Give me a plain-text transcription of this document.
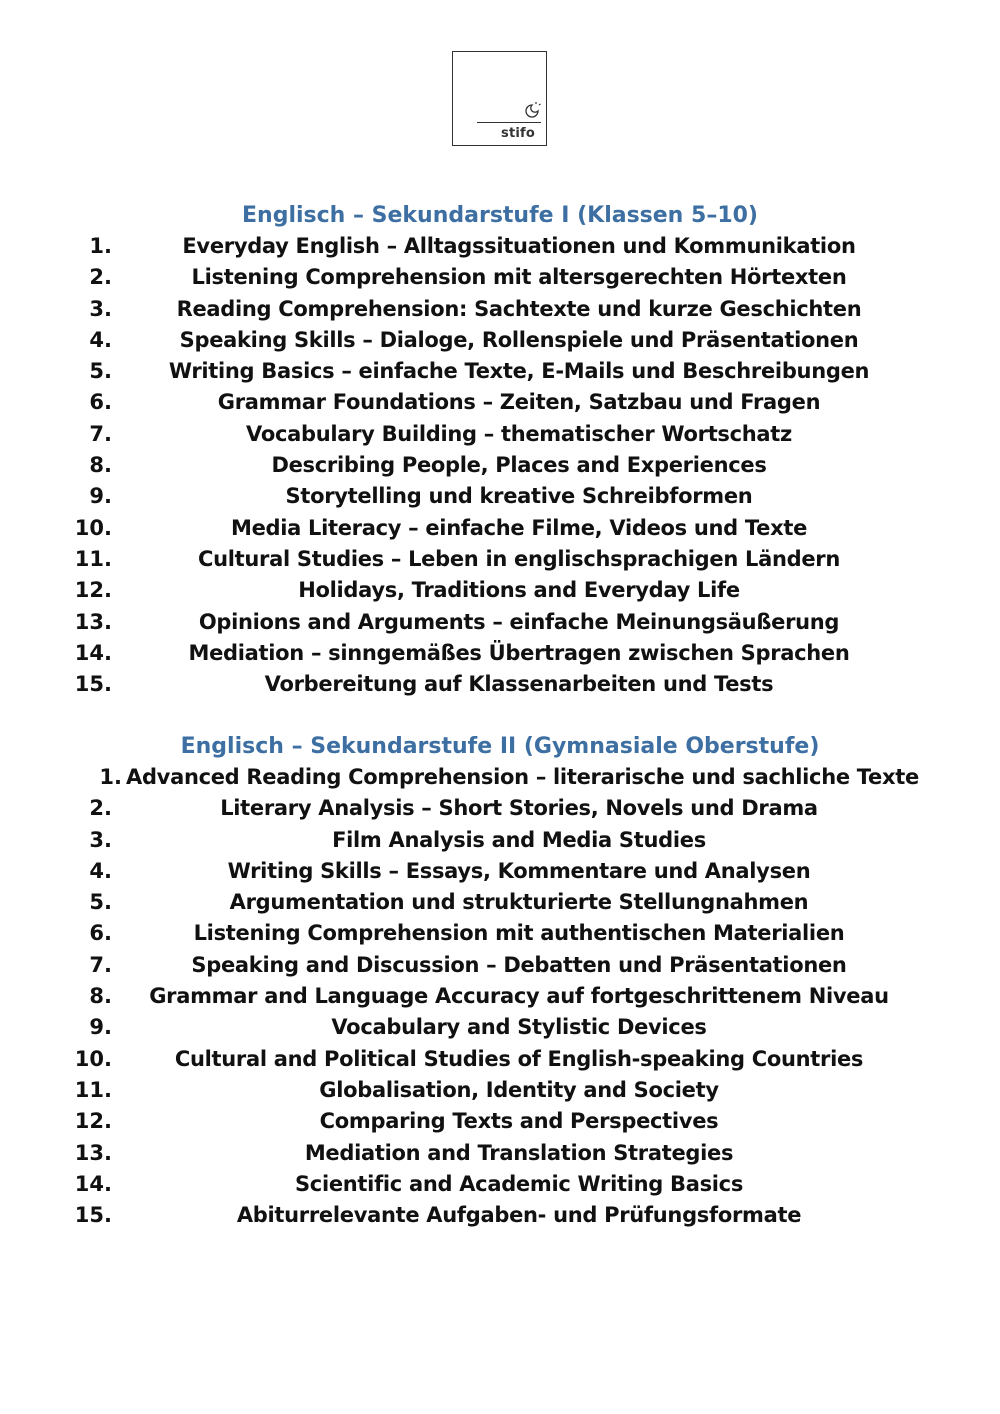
stifo
Englisch – Sekundarstufe I (Klassen 5–10)
1.	Everyday English – Alltagssituationen und Kommunikation
2.	Listening Comprehension mit altersgerechten Hörtexten
3.	Reading Comprehension: Sachtexte und kurze Geschichten
4.	Speaking Skills – Dialoge, Rollenspiele und Präsentationen
5.	Writing Basics – einfache Texte, E-Mails und Beschreibungen
6.	Grammar Foundations – Zeiten, Satzbau und Fragen
7.	Vocabulary Building – thematischer Wortschatz
8.	Describing People, Places and Experiences
9.	Storytelling und kreative Schreibformen
10.	Media Literacy – einfache Filme, Videos und Texte
11.	Cultural Studies – Leben in englischsprachigen Ländern
12.	Holidays, Traditions and Everyday Life
13.	Opinions and Arguments – einfache Meinungsäußerung
14.	Mediation – sinngemäßes Übertragen zwischen Sprachen
15.	Vorbereitung auf Klassenarbeiten und Tests
Englisch – Sekundarstufe II (Gymnasiale Oberstufe)
1. Advanced Reading Comprehension – literarische und sachliche Texte
2.	Literary Analysis – Short Stories, Novels und Drama
3.	Film Analysis and Media Studies
4.	Writing Skills – Essays, Kommentare und Analysen
5.	Argumentation und strukturierte Stellungnahmen
6.	Listening Comprehension mit authentischen Materialien
7.	Speaking and Discussion – Debatten und Präsentationen
8. Grammar and Language Accuracy auf fortgeschrittenem Niveau
9.	Vocabulary and Stylistic Devices
10.	Cultural and Political Studies of English-speaking Countries
11.	Globalisation, Identity and Society
12.	Comparing Texts and Perspectives
13.	Mediation and Translation Strategies
14.	Scientific and Academic Writing Basics
15.	Abiturrelevante Aufgaben- und Prüfungsformate
